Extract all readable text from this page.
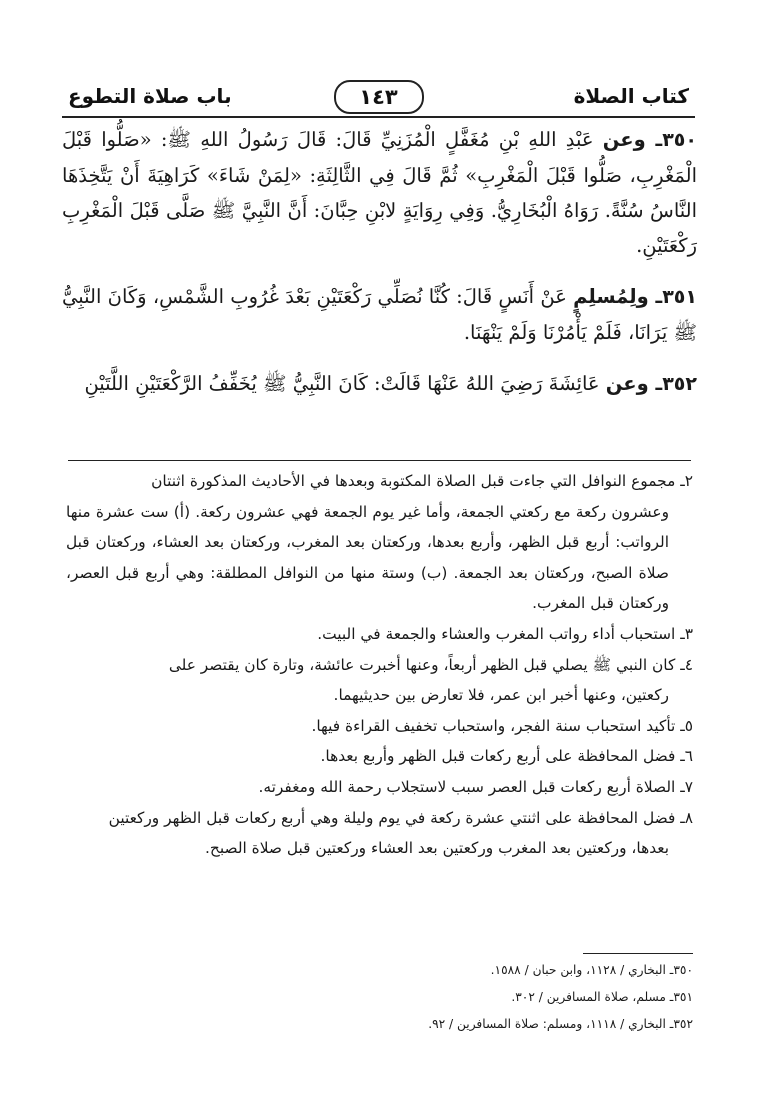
كتاب الصلاة
١٤٣
باب صلاة التطوع

٣٥٠ـ وعن عَبْدِ اللهِ بْنِ مُغَفَّلٍ الْمُزَنِيِّ قَالَ: قَالَ رَسُولُ اللهِ ﷺ: «صَلُّوا قَبْلَ الْمَغْرِبِ، صَلُّوا قَبْلَ الْمَغْرِبِ» ثُمَّ قَالَ فِي الثَّالِثَةِ: «لِمَنْ شَاءَ» كَرَاهِيَةَ أَنْ يَتَّخِذَهَا النَّاسُ سُنَّةً. رَوَاهُ الْبُخَارِيُّ. وَفِي رِوَايَةٍ لابْنِ حِبَّانَ: أَنَّ النَّبِيَّ ﷺ صَلَّى قَبْلَ الْمَغْرِبِ رَكْعَتَيْنِ.

٣٥١ـ ولِمُسلِمٍ عَنْ أَنَسٍ قَالَ: كُنَّا نُصَلِّي رَكْعَتَيْنِ بَعْدَ غُرُوبِ الشَّمْسِ، وَكَانَ النَّبِيُّ ﷺ يَرَانَا، فَلَمْ يَأْمُرْنَا وَلَمْ يَنْهَنَا.

٣٥٢ـ وعن عَائِشَةَ رَضِيَ اللهُ عَنْهَا قَالَتْ: كَانَ النَّبِيُّ ﷺ يُخَفِّفُ الرَّكْعَتَيْنِ اللَّتَيْنِ

٢ـ مجموع النوافل التي جاءت قبل الصلاة المكتوبة وبعدها في الأحاديث المذكورة اثنتان
وعشرون ركعة مع ركعتي الجمعة، وأما غير يوم الجمعة فهي عشرون ركعة. (أ) ست عشرة منها الرواتب: أربع قبل الظهر، وأربع بعدها، وركعتان بعد المغرب، وركعتان بعد العشاء، وركعتان قبل صلاة الصبح، وركعتان بعد الجمعة. (ب) وستة منها من النوافل المطلقة: وهي أربع قبل العصر، وركعتان قبل المغرب.
٣ـ استحباب أداء رواتب المغرب والعشاء والجمعة في البيت.
٤ـ كان النبي ﷺ يصلي قبل الظهر أربعاً، وعنها أخبرت عائشة، وتارة كان يقتصر على
ركعتين، وعنها أخبر ابن عمر، فلا تعارض بين حديثيهما.
٥ـ تأكيد استحباب سنة الفجر، واستحباب تخفيف القراءة فيها.
٦ـ فضل المحافظة على أربع ركعات قبل الظهر وأربع بعدها.
٧ـ الصلاة أربع ركعات قبل العصر سبب لاستجلاب رحمة الله ومغفرته.
٨ـ فضل المحافظة على اثنتي عشرة ركعة في يوم وليلة وهي أربع ركعات قبل الظهر وركعتين
بعدها، وركعتين بعد المغرب وركعتين بعد العشاء وركعتين قبل صلاة الصبح.

٣٥٠ـ البخاري / ١١٢٨، وابن حبان / ١٥٨٨.

٣٥١ـ مسلم، صلاة المسافرين / ٣٠٢.

٣٥٢ـ البخاري / ١١١٨، ومسلم: صلاة المسافرين / ٩٢.
